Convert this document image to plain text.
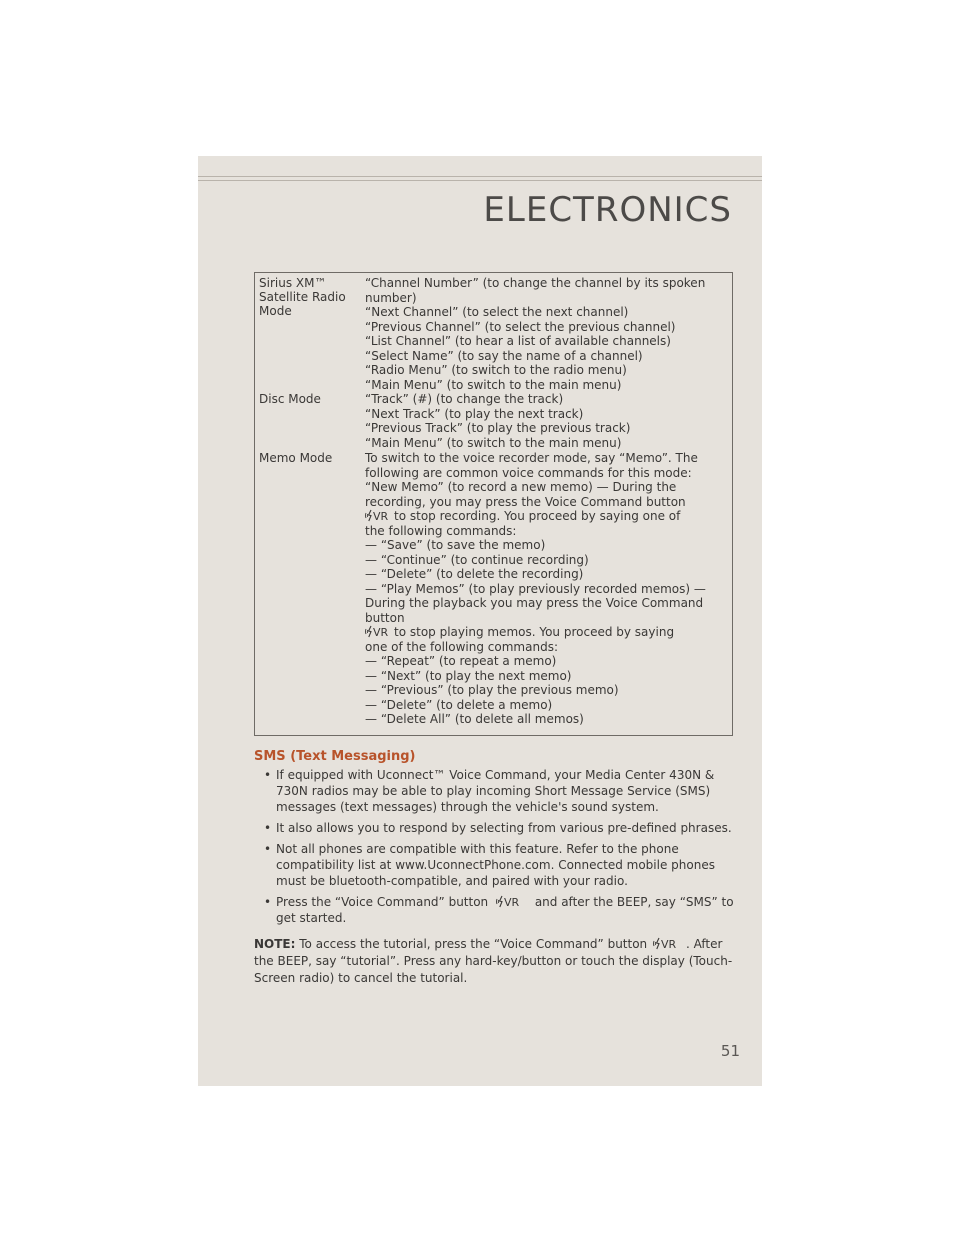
ELECTRONICS
Sirius XM™ Satellite Radio Mode
“Channel Number” (to change the channel by its spoken
number)
“Next Channel” (to select the next channel)
“Previous Channel” (to select the previous channel)
“List Channel” (to hear a list of available channels)
“Select Name” (to say the name of a channel)
“Radio Menu” (to switch to the radio menu)
“Main Menu” (to switch to the main menu)
Disc Mode	“Track” (#) (to change the track)
“Next Track” (to play the next track)
“Previous Track” (to play the previous track)
“Main Menu” (to switch to the main menu)
Memo Mode	To switch to the voice recorder mode, say “Memo”. The
following are common voice commands for this mode:
“New Memo” (to record a new memo) — During the
recording, you may press the Voice Command button
VR to stop recording. You proceed by saying one of
the following commands:
— “Save” (to save the memo)
— “Continue” (to continue recording)
— “Delete” (to delete the recording)
— “Play Memos” (to play previously recorded memos) —
During the playback you may press the Voice Command
button
VR to stop playing memos. You proceed by saying
one of the following commands:
— “Repeat” (to repeat a memo)
— “Next” (to play the next memo)
— “Previous” (to play the previous memo)
— “Delete” (to delete a memo)
— “Delete All” (to delete all memos)
SMS (Text Messaging)
• If equipped with Uconnect™ Voice Command, your Media Center 430N & 730N radios may be able to play incoming Short Message Service (SMS) messages (text messages) through the vehicle's sound system.
• It also allows you to respond by selecting from various pre-defined phrases.
• Not all phones are compatible with this feature. Refer to the phone compatibility list at www.UconnectPhone.com. Connected mobile phones must be bluetooth-compatible, and paired with your radio.
• Press the “Voice Command” button VR and after the BEEP, say “SMS” to get started.
NOTE: To access the tutorial, press the “Voice Command” button VR . After the BEEP, say “tutorial”. Press any hard-key/button or touch the display (Touch-Screen radio) to cancel the tutorial.
51
